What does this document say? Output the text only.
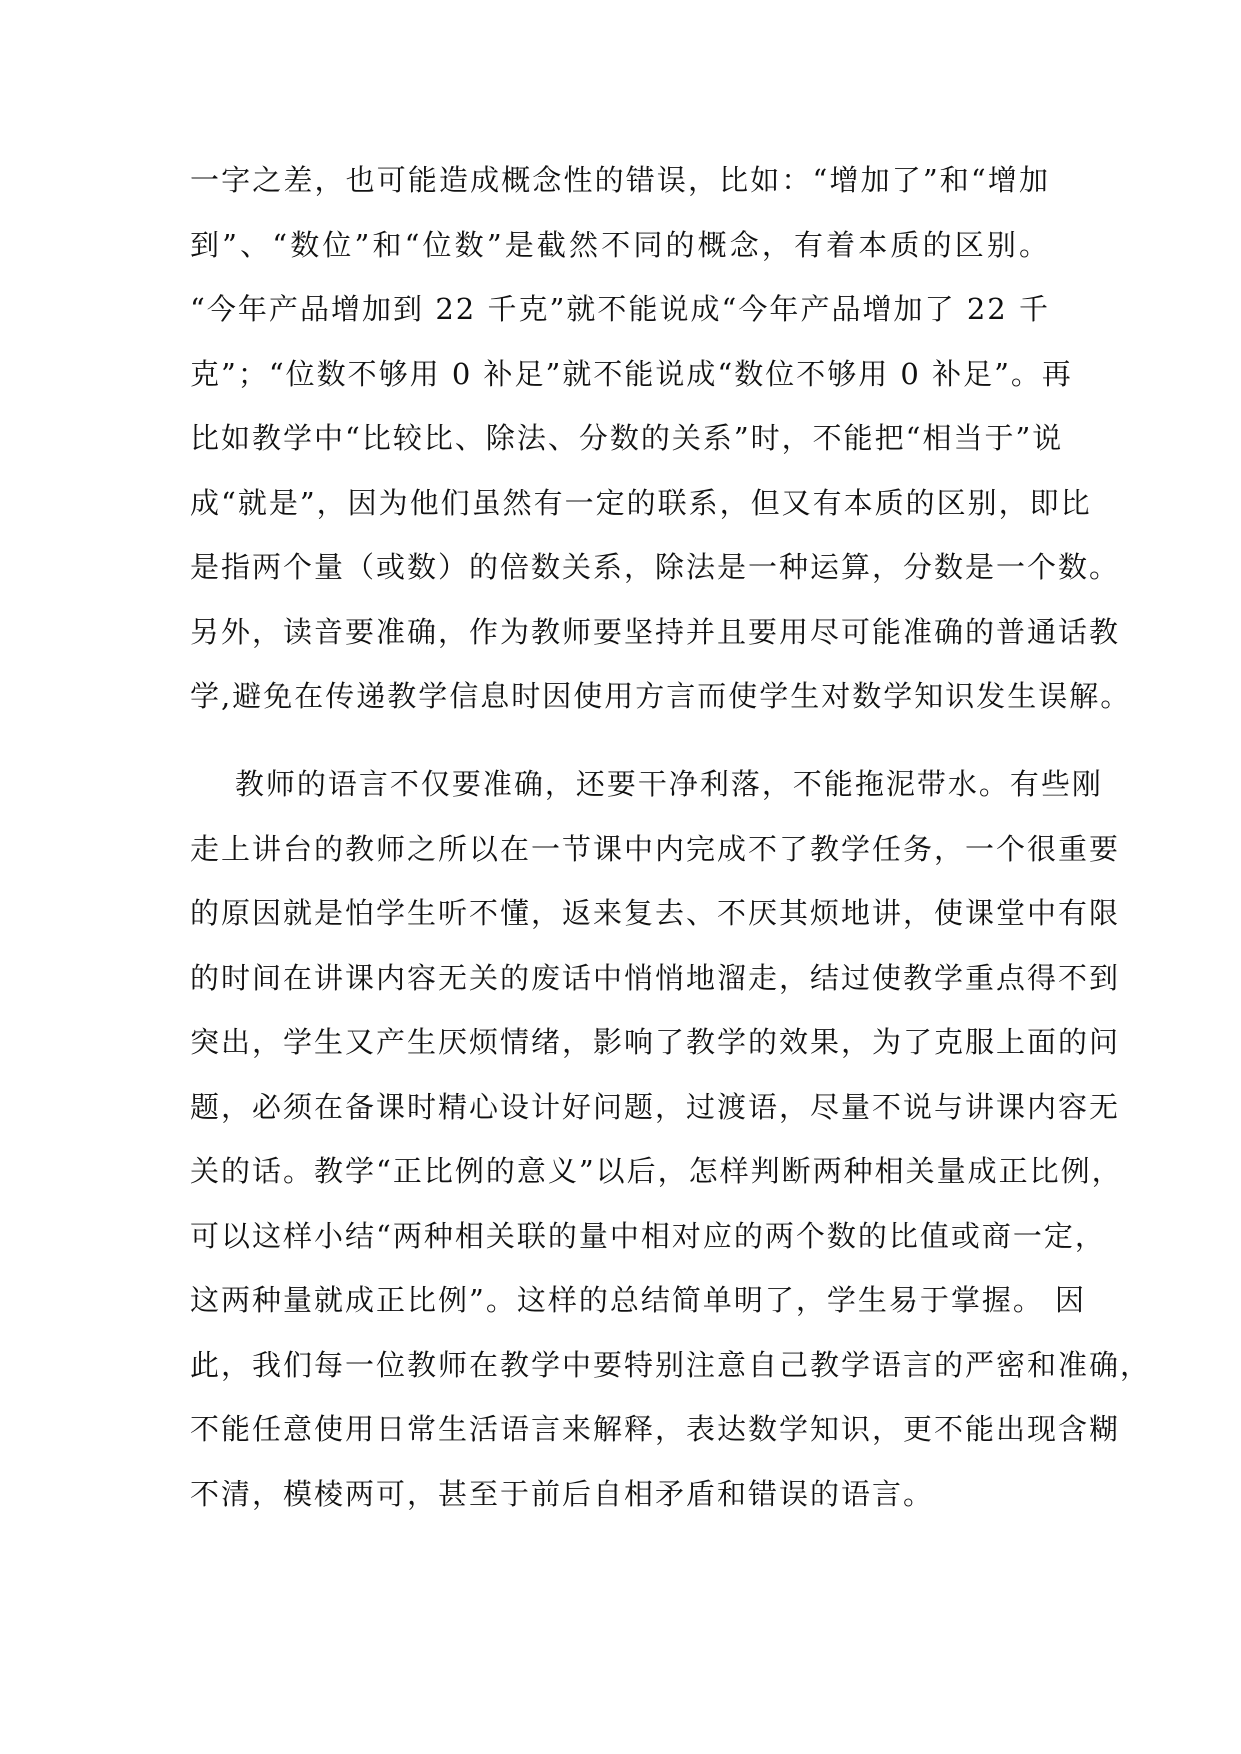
一字之差，也可能造成概念性的错误，比如：“增加了”和“增加
到”、“数位”和“位数”是截然不同的概念，有着本质的区别。
“今年产品增加到 22 千克”就不能说成“今年产品增加了 22 千
克”；“位数不够用 0 补足”就不能说成“数位不够用 0 补足”。再
比如教学中“比较比、除法、分数的关系”时，不能把“相当于”说
成“就是”，因为他们虽然有一定的联系，但又有本质的区别，即比
是指两个量（或数）的倍数关系，除法是一种运算，分数是一个数。
另外，读音要准确，作为教师要坚持并且要用尽可能准确的普通话教
学,避免在传递教学信息时因使用方言而使学生对数学知识发生误解。
教师的语言不仅要准确，还要干净利落，不能拖泥带水。有些刚
走上讲台的教师之所以在一节课中内完成不了教学任务，一个很重要
的原因就是怕学生听不懂，返来复去、不厌其烦地讲，使课堂中有限
的时间在讲课内容无关的废话中悄悄地溜走，结过使教学重点得不到
突出，学生又产生厌烦情绪，影响了教学的效果，为了克服上面的问
题，必须在备课时精心设计好问题，过渡语，尽量不说与讲课内容无
关的话。教学“正比例的意义”以后，怎样判断两种相关量成正比例，
可以这样小结“两种相关联的量中相对应的两个数的比值或商一定，
这两种量就成正比例”。这样的总结简单明了，学生易于掌握。 因
此，我们每一位教师在教学中要特别注意自己教学语言的严密和准确，
不能任意使用日常生活语言来解释，表达数学知识，更不能出现含糊
不清，模棱两可，甚至于前后自相矛盾和错误的语言。
